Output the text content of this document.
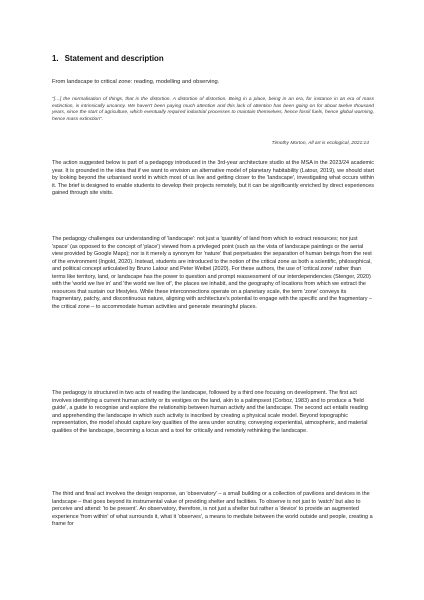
1. Statement and description
From landscape to critical zone: reading, modelling and observing.
"[…] the normalisation of things, that is the distortion. A distortion of distortion. Being in a place, being in an era, for instance in an era of mass extinction, is intrinsically uncanny. We haven't been paying much attention and this lack of attention has been going on for about twelve thousand years, since the start of agriculture, which eventually required industrial processes to maintain themselves, hence fossil fuels, hence global warming, hence mass extinction".
Timothy Morton, All art is ecological, 2021:14

The action suggested below is part of a pedagogy introduced in the 3rd-year architecture studio at the MSA in the 2023/24 academic year. It is grounded in the idea that if we want to envision an alternative model of planetary habitability (Latour, 2019), we should start by looking beyond the urbanised world in which most of us live and getting closer to the 'landscape', investigating what occurs within it. The brief is designed to enable students to develop their projects remotely, but it can be significantly enriched by direct experiences gained through site visits.

The pedagogy challenges our understanding of 'landscape': not just a 'quantity' of land from which to extract resources; nor just 'space' (as opposed to the concept of 'place') viewed from a privileged point (such as the vista of landscape paintings or the aerial view provided by Google Maps); nor is it merely a synonym for 'nature' that perpetuates the separation of human beings from the rest of the environment (Ingold, 2020). Instead, students are introduced to the notion of the critical zone as both a scientific, philosophical, and political concept articulated by Bruno Latour and Peter Weibel (2020). For these authors, the use of 'critical zone' rather than terms like territory, land, or landscape has the power to question and prompt reassessment of our interdependencies (Stenger, 2020) with the 'world we live in' and 'the world we live of', the places we inhabit, and the geography of locations from which we extract the resources that sustain our lifestyles. While these interconnections operate on a planetary scale, the term 'zone' conveys its fragmentary, patchy, and discontinuous nature, aligning with architecture's potential to engage with the specific and the fragmentary – the critical zone – to accommodate human activities and generate meaningful places.

The pedagogy is structured in two acts of reading the landscape, followed by a third one focusing on development. The first act involves identifying a current human activity or its vestiges on the land, akin to a palimpsest (Corboz, 1983) and to produce a 'field guide', a guide to recognise and explore the relationship between human activity and the landscape. The second act entails reading and apprehending the landscape in which such activity is inscribed by creating a physical scale model. Beyond topographic representation, the model should capture key qualities of the area under scrutiny, conveying experiential, atmospheric, and material qualities of the landscape, becoming a locus and a tool for critically and remotely rethinking the landscape.

The third and final act involves the design response, an 'observatory' – a small building or a collection of pavilions and devices in the landscape – that goes beyond its instrumental value of providing shelter and facilities. To observe is not just to 'watch' but also to perceive and attend: 'to be present'. An observatory, therefore, is not just a shelter but rather a 'device' to provide an augmented experience 'from within' of what surrounds it, what it 'observes', a means to mediate between the world outside and people, creating a frame for
